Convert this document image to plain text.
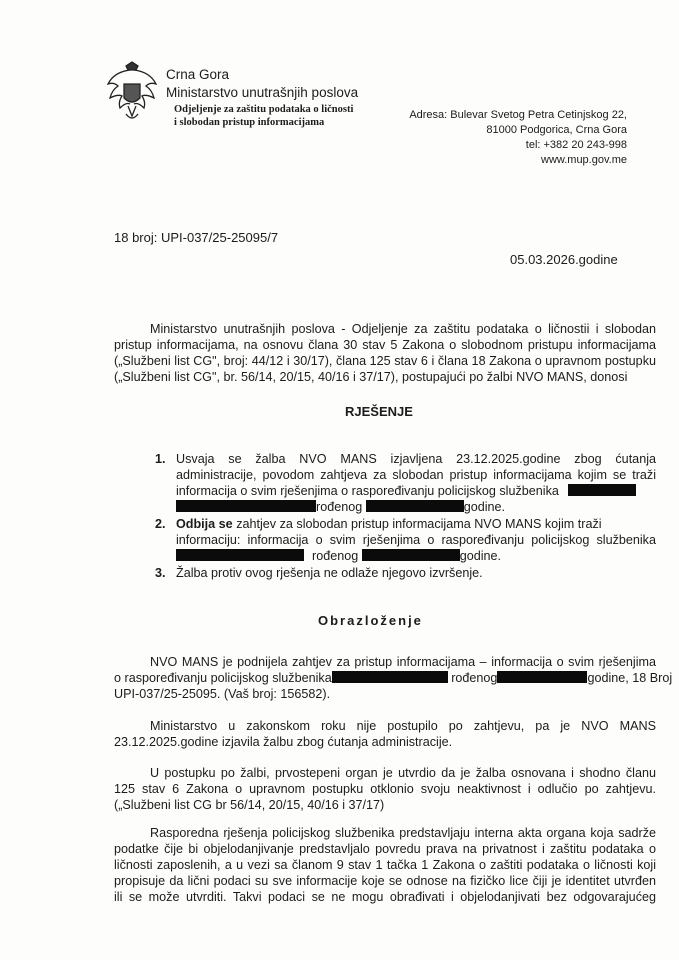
Crna Gora
Ministarstvo unutrašnjih poslova
Odjeljenje za zaštitu podataka o ličnosti
i slobodan pristup informacijama
Adresa: Bulevar Svetog Petra Cetinjskog 22,
81000 Podgorica, Crna Gora
tel: +382 20 243-998
www.mup.gov.me
18 broj: UPI-037/25-25095/7
05.03.2026.godine
Ministarstvo unutrašnjih poslova - Odjeljenje za zaštitu podataka o ličnostii i slobodan
pristup informacijama, na osnovu člana 30 stav 5 Zakona o slobodnom pristupu informacijama
(„Službeni list CG", broj: 44/12 i 30/17), člana 125 stav 6 i člana 18 Zakona o upravnom postupku
(„Službeni list CG", br. 56/14, 20/15, 40/16 i 37/17), postupajući po žalbi NVO MANS, donosi
RJEŠENJE
1. Usvaja se žalba NVO MANS izjavljena 23.12.2025.godine zbog ćutanja
administracije, povodom zahtjeva za slobodan pristup informacijama kojim se traži
informacija o svim rješenjima o raspoređivanju policijskog službenika
rođenog	godine.
2. Odbija se zahtjev za slobodan pristup informacijama NVO MANS kojim traži
informaciju: informacija o svim rješenjima o raspoređivanju policijskog službenika
rođenog	godine.
3. Žalba protiv ovog rješenja ne odlaže njegovo izvršenje.
Obrazloženje
NVO MANS je podnijela zahtjev za pristup informacijama – informacija o svim rješenjima
o raspoređivanju policijskog službenika	rođenog	godine, 18 Broj
UPI-037/25-25095. (Vaš broj: 156582).
Ministarstvo u zakonskom roku nije postupilo po zahtjevu, pa je NVO MANS
23.12.2025.godine izjavila žalbu zbog ćutanja administracije.
U postupku po žalbi, prvostepeni organ je utvrdio da je žalba osnovana i shodno članu
125 stav 6 Zakona o upravnom postupku otklonio svoju neaktivnost i odlučio po zahtjevu.
(„Službeni list CG br 56/14, 20/15, 40/16 i 37/17)
Rasporedna rješenja policijskog službenika predstavljaju interna akta organa koja sadrže
podatke čije bi objelodanjivanje predstavljalo povredu prava na privatnost i zaštitu podataka o
ličnosti zaposlenih, a u vezi sa članom 9 stav 1 tačka 1 Zakona o zaštiti podataka o ličnosti koji
propisuje da lični podaci su sve informacije koje se odnose na fizičko lice čiji je identitet utvrđen
ili se može utvrditi. Takvi podaci se ne mogu obrađivati i objelodanjivati bez odgovarajućeg
